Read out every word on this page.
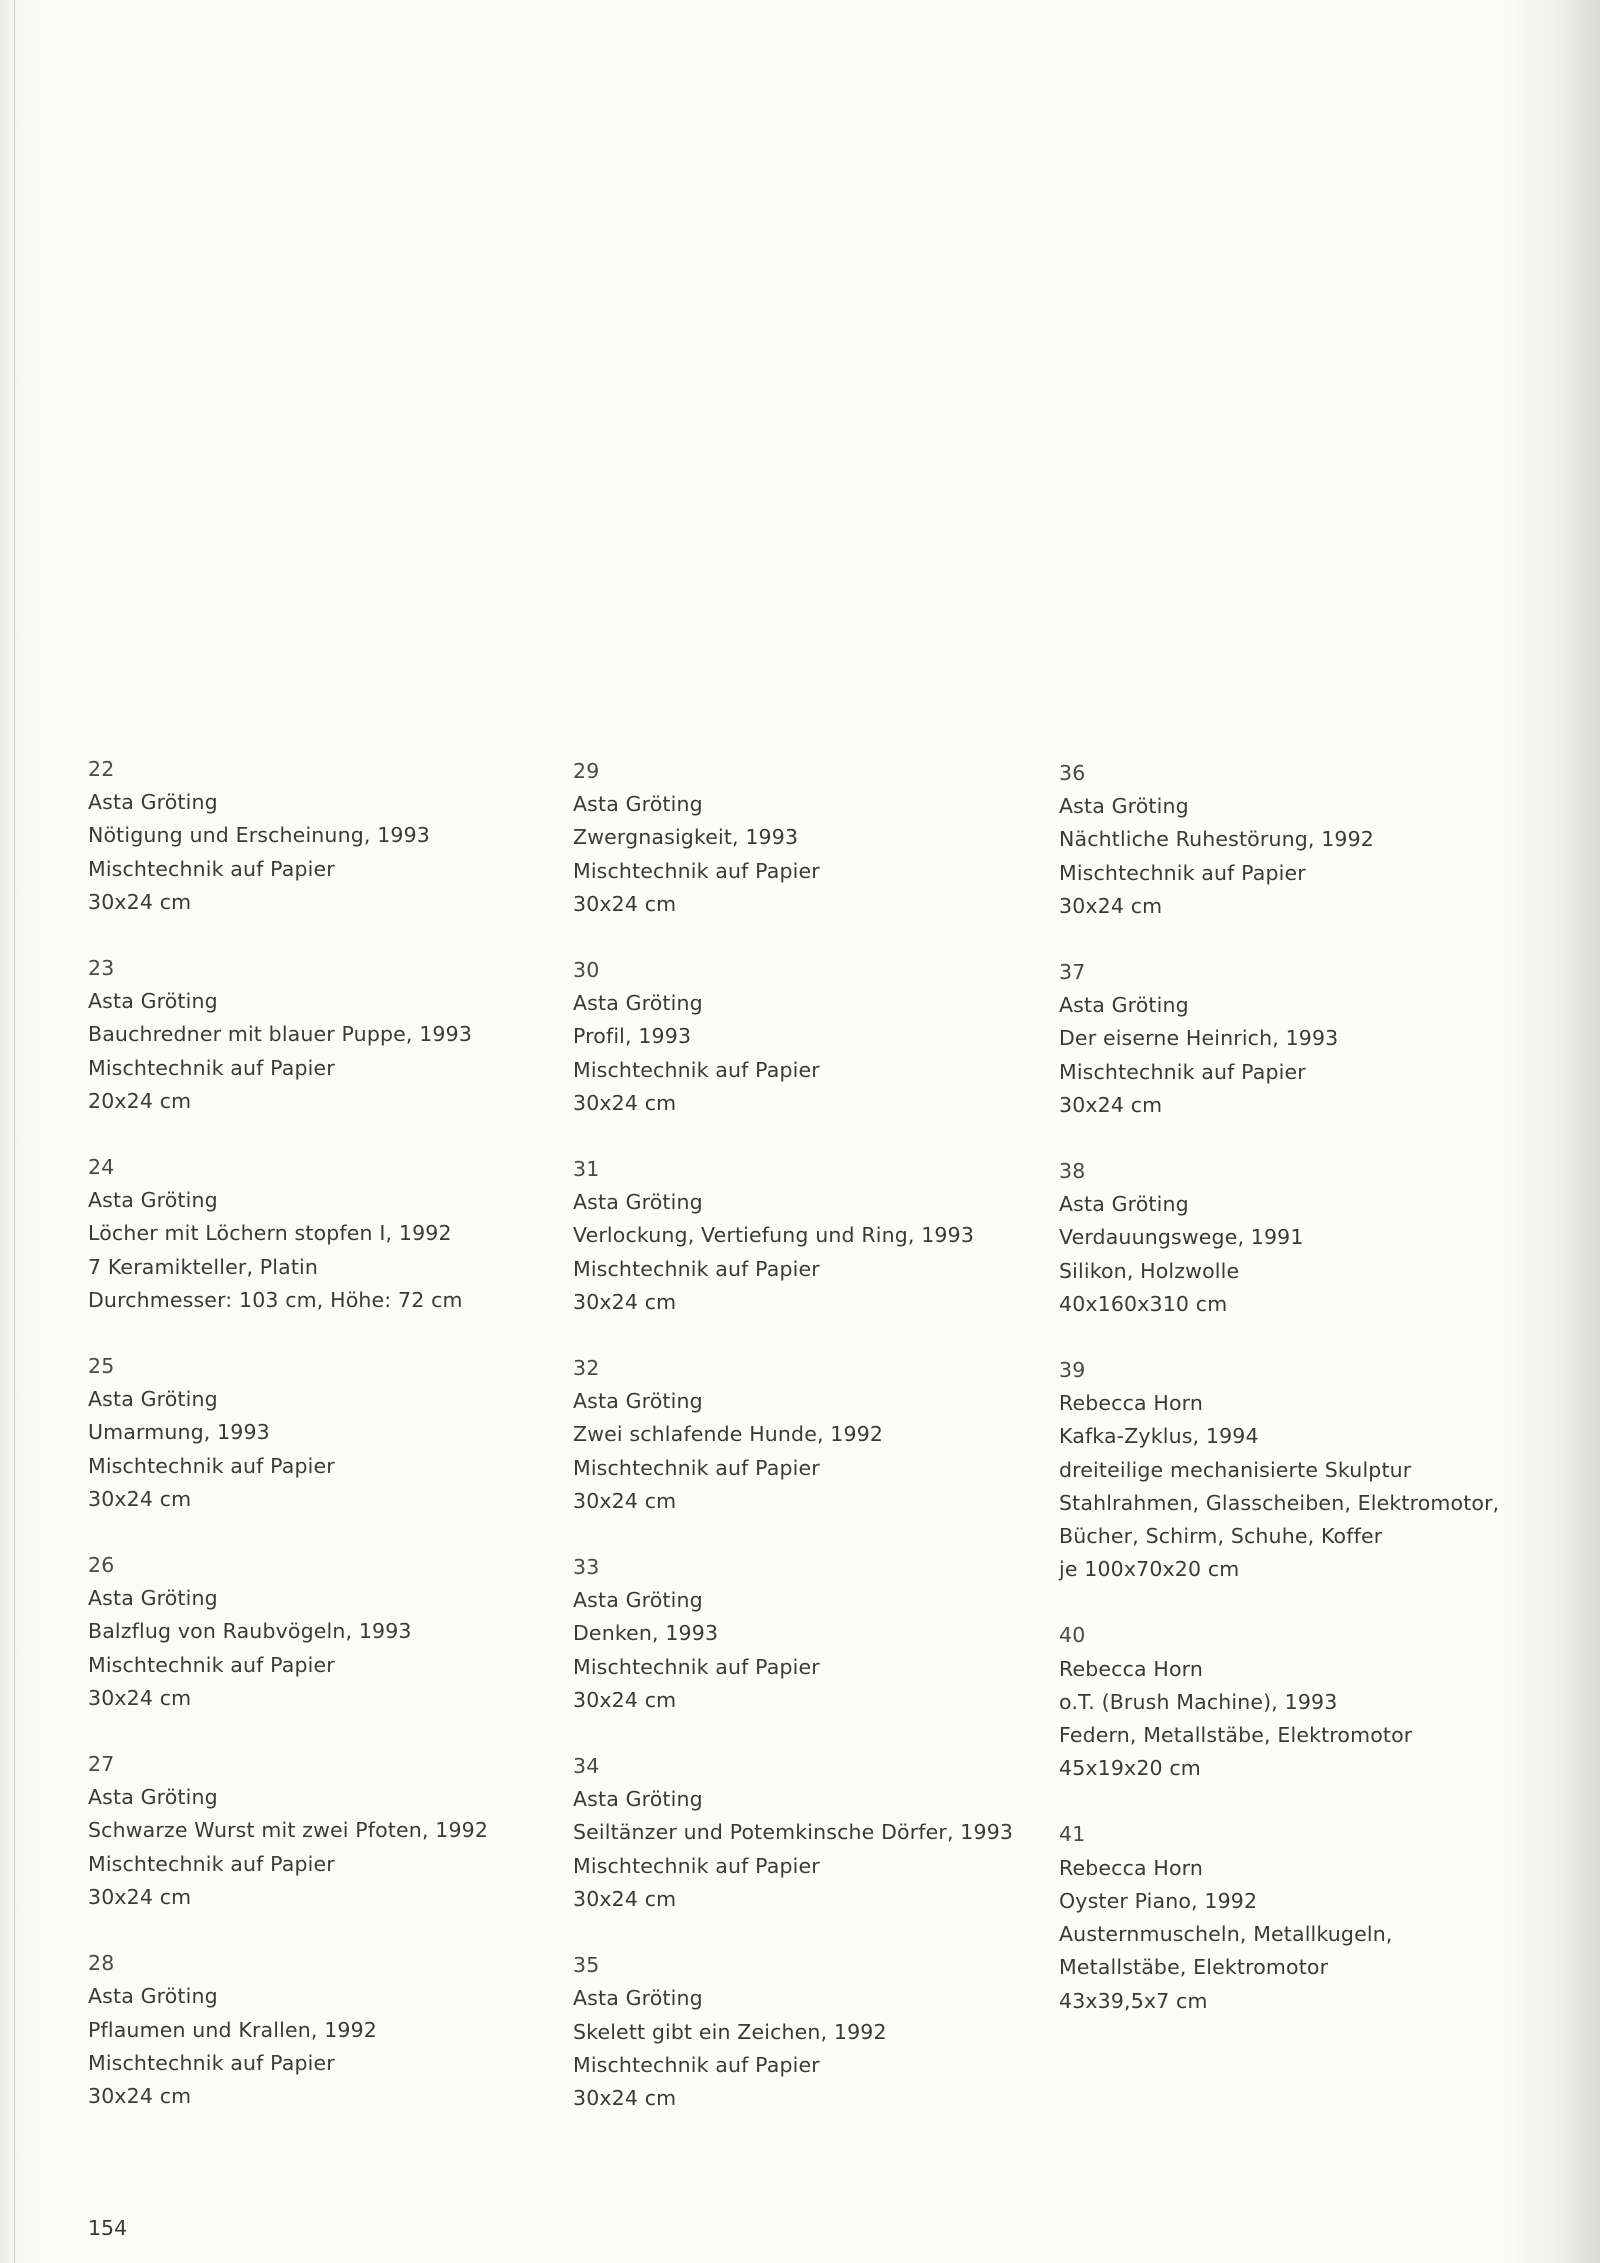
22
Asta Gröting
Nötigung und Erscheinung, 1993
Mischtechnik auf Papier
30x24 cm
23
Asta Gröting
Bauchredner mit blauer Puppe, 1993
Mischtechnik auf Papier
20x24 cm
24
Asta Gröting
Löcher mit Löchern stopfen I, 1992
7 Keramikteller, Platin
Durchmesser: 103 cm, Höhe: 72 cm
25
Asta Gröting
Umarmung, 1993
Mischtechnik auf Papier
30x24 cm
26
Asta Gröting
Balzflug von Raubvögeln, 1993
Mischtechnik auf Papier
30x24 cm
27
Asta Gröting
Schwarze Wurst mit zwei Pfoten, 1992
Mischtechnik auf Papier
30x24 cm
28
Asta Gröting
Pflaumen und Krallen, 1992
Mischtechnik auf Papier
30x24 cm
29
Asta Gröting
Zwergnasigkeit, 1993
Mischtechnik auf Papier
30x24 cm
30
Asta Gröting
Profil, 1993
Mischtechnik auf Papier
30x24 cm
31
Asta Gröting
Verlockung, Vertiefung und Ring, 1993
Mischtechnik auf Papier
30x24 cm
32
Asta Gröting
Zwei schlafende Hunde, 1992
Mischtechnik auf Papier
30x24 cm
33
Asta Gröting
Denken, 1993
Mischtechnik auf Papier
30x24 cm
34
Asta Gröting
Seiltänzer und Potemkinsche Dörfer, 1993
Mischtechnik auf Papier
30x24 cm
35
Asta Gröting
Skelett gibt ein Zeichen, 1992
Mischtechnik auf Papier
30x24 cm
36
Asta Gröting
Nächtliche Ruhestörung, 1992
Mischtechnik auf Papier
30x24 cm
37
Asta Gröting
Der eiserne Heinrich, 1993
Mischtechnik auf Papier
30x24 cm
38
Asta Gröting
Verdauungswege, 1991
Silikon, Holzwolle
40x160x310 cm
39
Rebecca Horn
Kafka-Zyklus, 1994
dreiteilige mechanisierte Skulptur
Stahlrahmen, Glasscheiben, Elektromotor,
Bücher, Schirm, Schuhe, Koffer
je 100x70x20 cm
40
Rebecca Horn
o.T. (Brush Machine), 1993
Federn, Metallstäbe, Elektromotor
45x19x20 cm
41
Rebecca Horn
Oyster Piano, 1992
Austernmuscheln, Metallkugeln,
Metallstäbe, Elektromotor
43x39,5x7 cm
154
